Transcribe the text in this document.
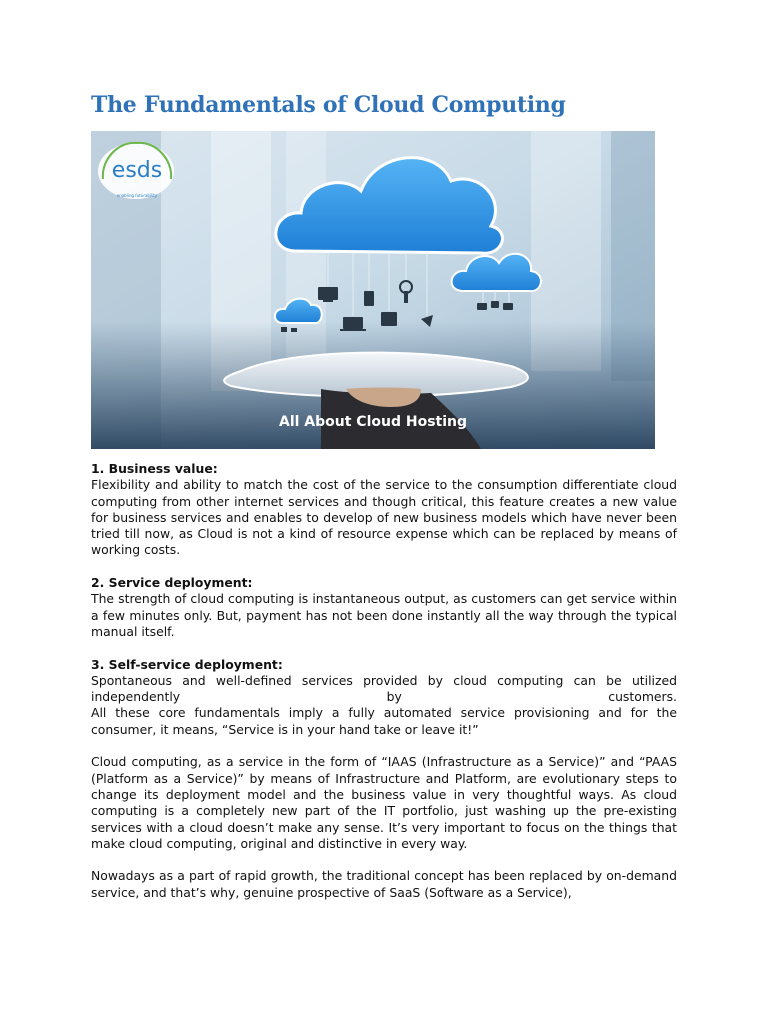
The Fundamentals of Cloud Computing
esds
enabling futurability
All About Cloud Hosting
1. Business value:

Flexibility and ability to match the cost of the service to the consumption differentiate cloud computing from other internet services and though critical, this feature creates a new value for business services and enables to develop of new business models which have never been tried till now, as Cloud is not a kind of resource expense which can be replaced by means of working costs.

2. Service deployment:

The strength of cloud computing is instantaneous output, as customers can get service within a few minutes only. But, payment has not been done instantly all the way through the typical manual itself.

3. Self-service deployment:

Spontaneous and well-defined services provided by cloud computing can be utilized independently by customers.

All these core fundamentals imply a fully automated service provisioning and for the consumer, it means, “Service is in your hand take or leave it!”

Cloud computing, as a service in the form of “IAAS (Infrastructure as a Service)” and “PAAS (Platform as a Service)” by means of Infrastructure and Platform, are evolutionary steps to change its deployment model and the business value in very thoughtful ways. As cloud computing is a completely new part of the IT portfolio, just washing up the pre-existing services with a cloud doesn’t make any sense. It’s very important to focus on the things that make cloud computing, original and distinctive in every way.

Nowadays as a part of rapid growth, the traditional concept has been replaced by on-demand service, and that’s why, genuine prospective of SaaS (Software as a Service),
